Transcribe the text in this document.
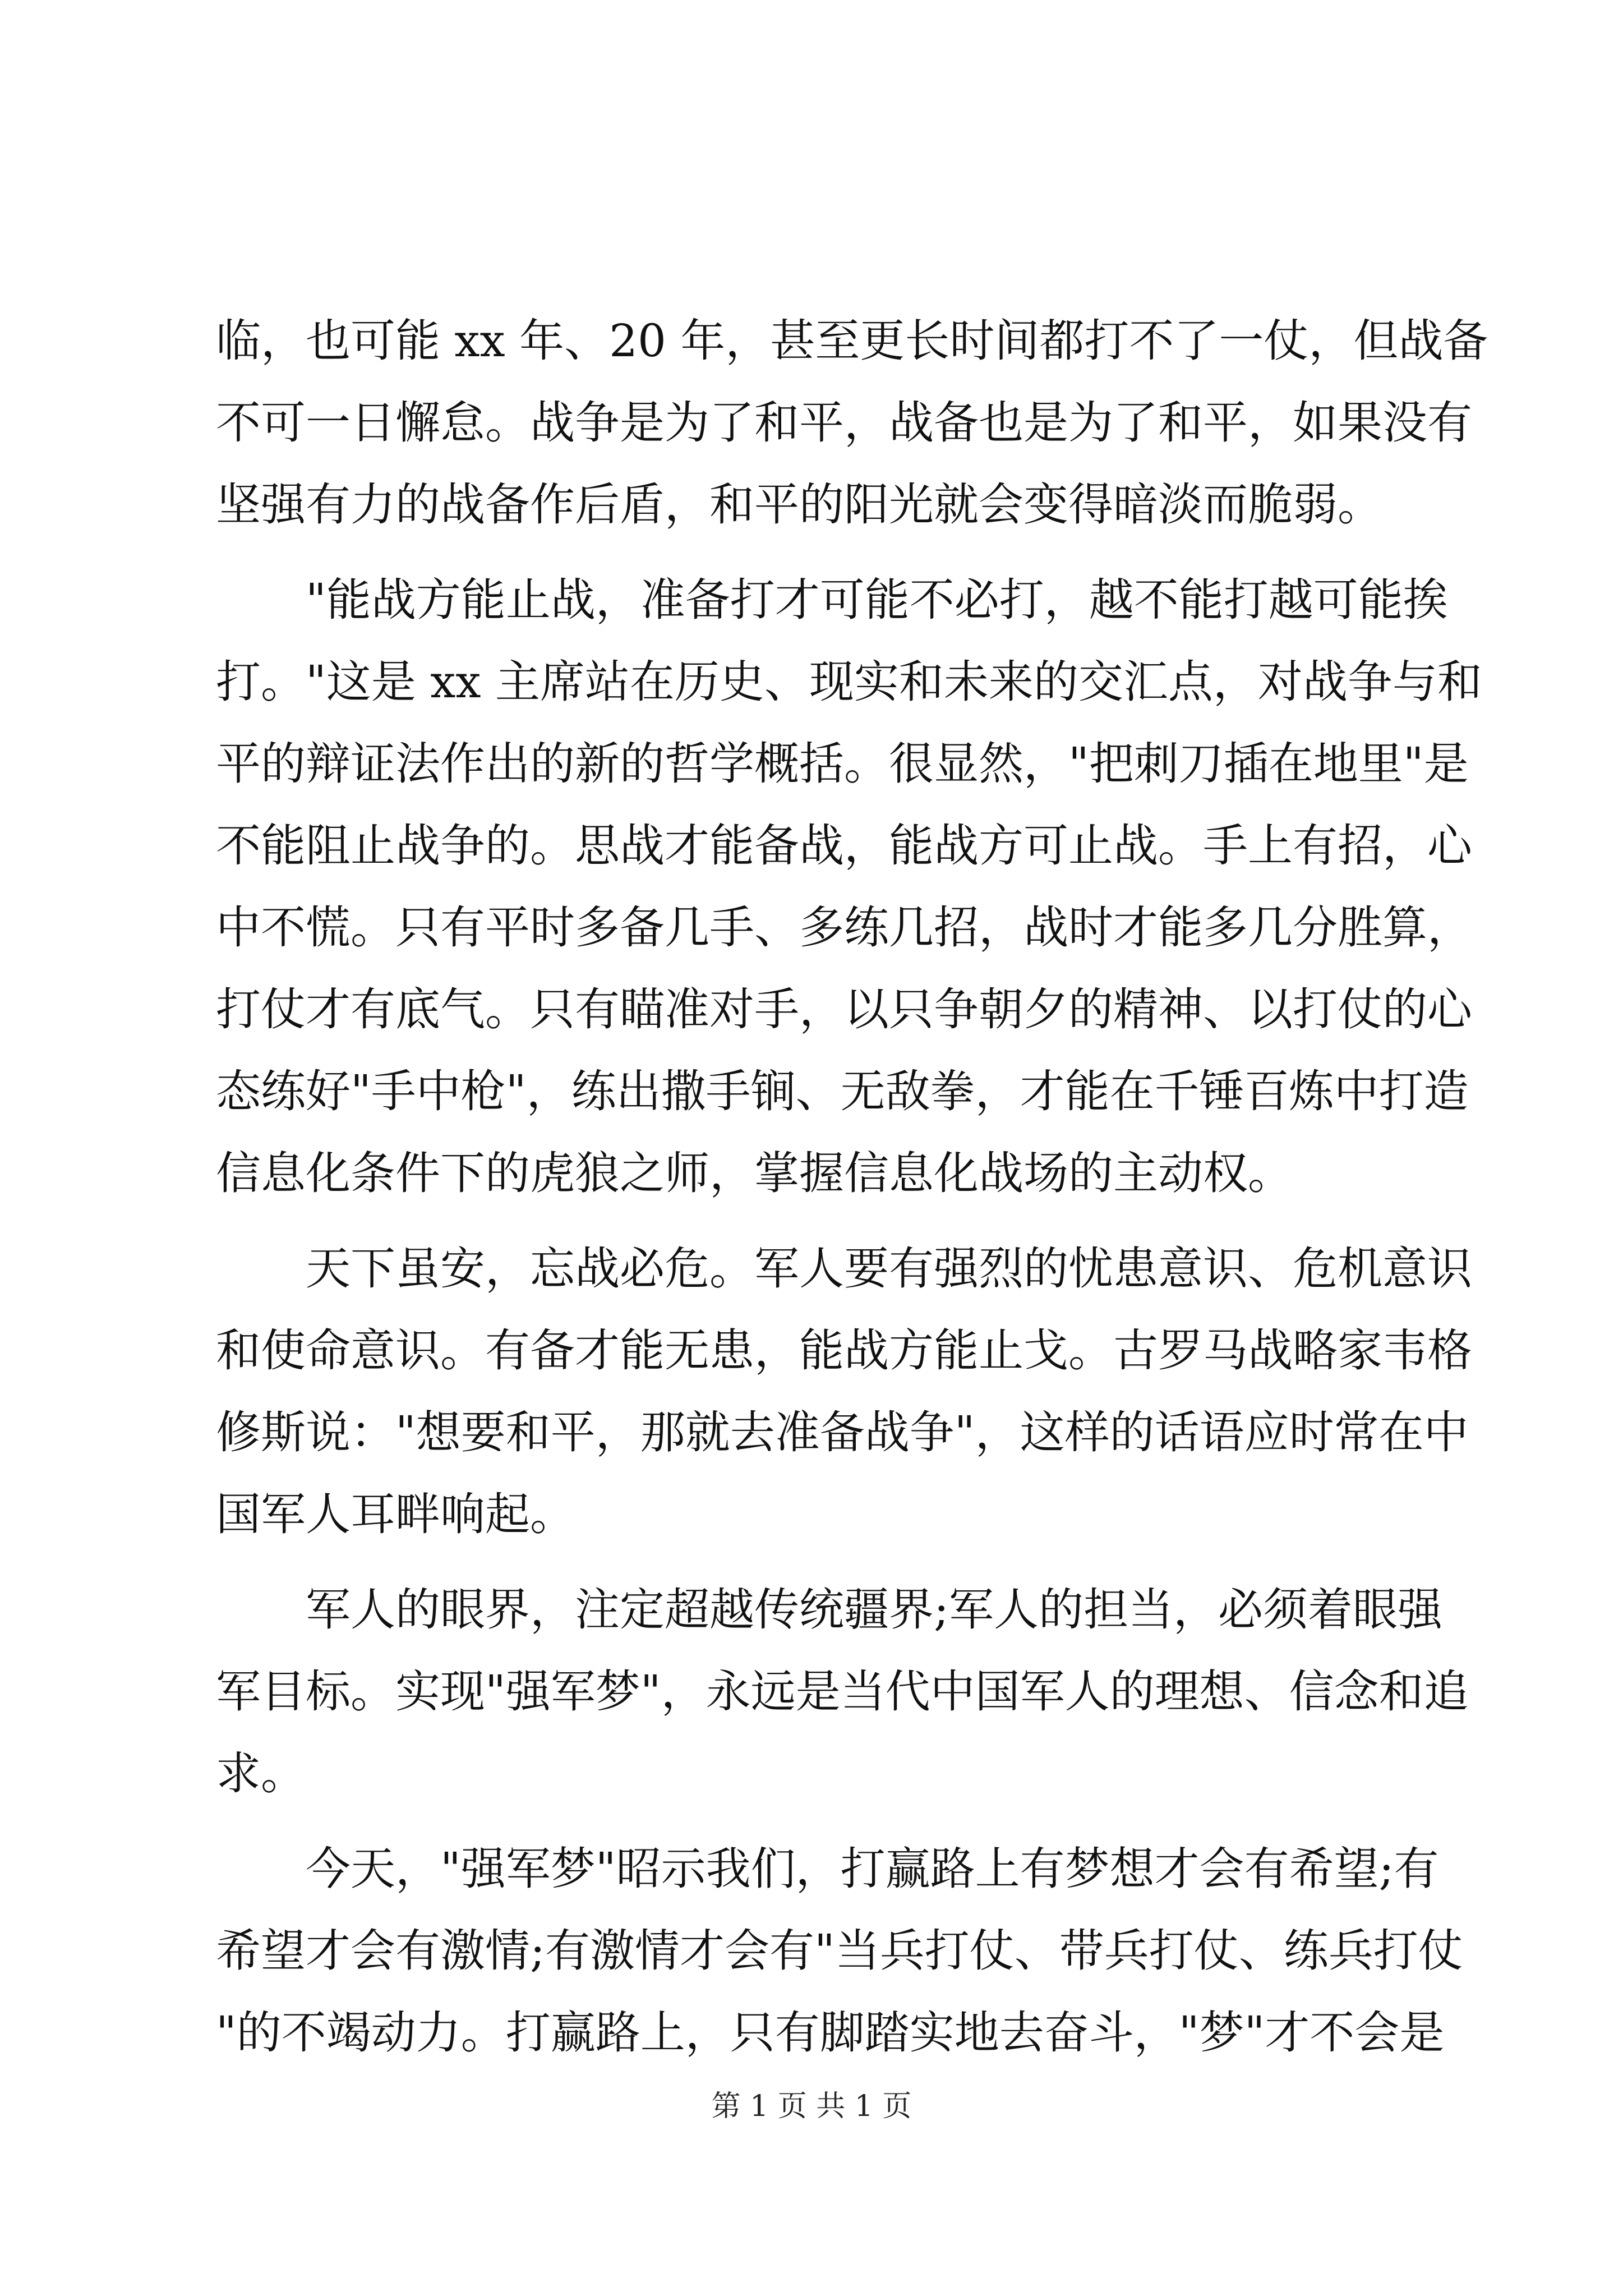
临，也可能 xx 年、20 年，甚至更长时间都打不了一仗，但战备
不可一日懈怠。战争是为了和平，战备也是为了和平，如果没有
坚强有力的战备作后盾，和平的阳光就会变得暗淡而脆弱。
　　"能战方能止战，准备打才可能不必打，越不能打越可能挨
打。"这是 xx 主席站在历史、现实和未来的交汇点，对战争与和
平的辩证法作出的新的哲学概括。很显然，"把刺刀插在地里"是
不能阻止战争的。思战才能备战，能战方可止战。手上有招，心
中不慌。只有平时多备几手、多练几招，战时才能多几分胜算，
打仗才有底气。只有瞄准对手，以只争朝夕的精神、以打仗的心
态练好"手中枪"，练出撒手锏、无敌拳，才能在千锤百炼中打造
信息化条件下的虎狼之师，掌握信息化战场的主动权。
　　天下虽安，忘战必危。军人要有强烈的忧患意识、危机意识
和使命意识。有备才能无患，能战方能止戈。古罗马战略家韦格
修斯说："想要和平，那就去准备战争"，这样的话语应时常在中
国军人耳畔响起。
　　军人的眼界，注定超越传统疆界;军人的担当，必须着眼强
军目标。实现"强军梦"，永远是当代中国军人的理想、信念和追
求。
　　今天，"强军梦"昭示我们，打赢路上有梦想才会有希望;有
希望才会有激情;有激情才会有"当兵打仗、带兵打仗、练兵打仗
"的不竭动力。打赢路上，只有脚踏实地去奋斗，"梦"才不会是
第 1 页 共 1 页
